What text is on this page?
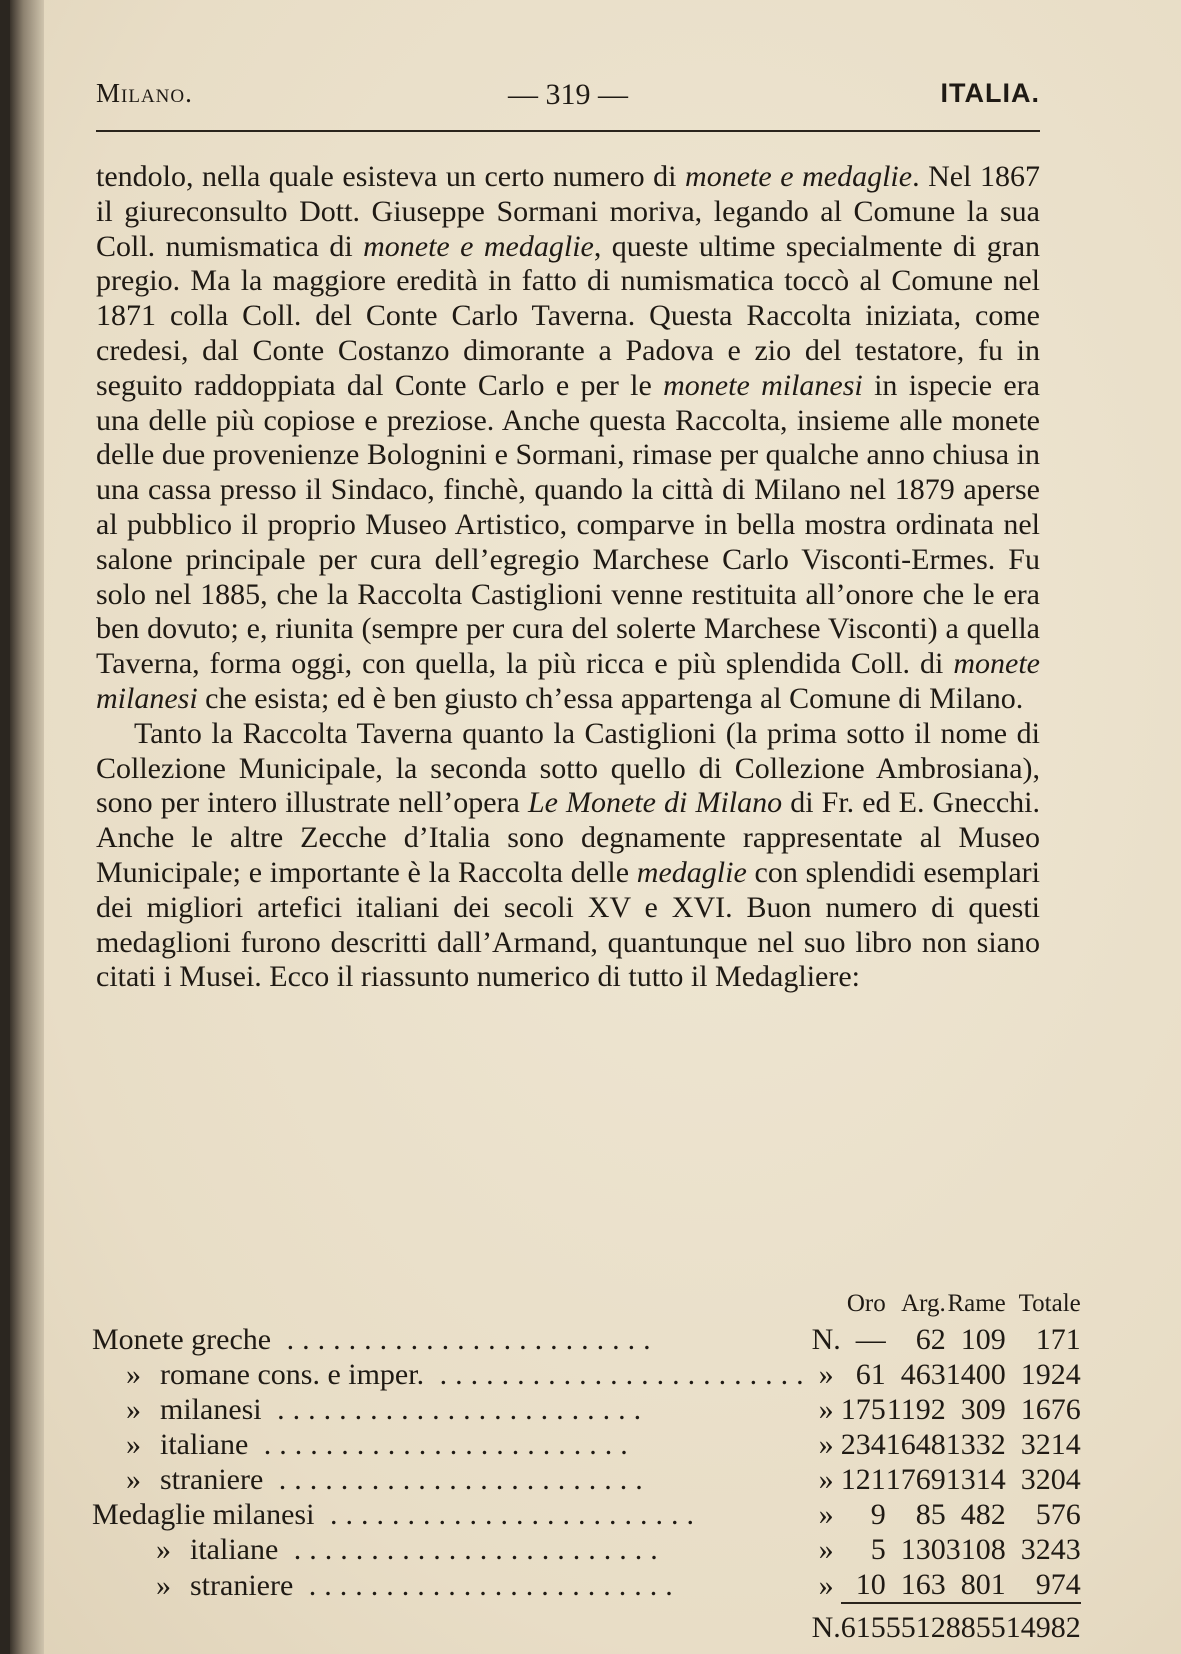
Milano.	— 319 —	ITALIA.

tendolo, nella quale esisteva un certo numero di monete e medaglie. Nel 1867 il giureconsulto Dott. Giuseppe Sormani moriva, legando al Comune la sua Coll. numismatica di monete e medaglie, queste ultime specialmente di gran pregio. Ma la maggiore eredità in fatto di numismatica toccò al Comune nel 1871 colla Coll. del Conte Carlo Taverna. Questa Raccolta iniziata, come credesi, dal Conte Costanzo dimorante a Padova e zio del testatore, fu in seguito raddoppiata dal Conte Carlo e per le monete milanesi in ispecie era una delle più copiose e preziose. Anche questa Raccolta, insieme alle monete delle due provenienze Bolognini e Sormani, rimase per qualche anno chiusa in una cassa presso il Sindaco, finchè, quando la città di Milano nel 1879 aperse al pubblico il proprio Museo Artistico, comparve in bella mostra ordinata nel salone principale per cura dell’egregio Marchese Carlo Visconti-Ermes. Fu solo nel 1885, che la Raccolta Castiglioni venne restituita all’onore che le era ben dovuto; e, riunita (sempre per cura del solerte Marchese Visconti) a quella Taverna, forma oggi, con quella, la più ricca e più splendida Coll. di monete milanesi che esista; ed è ben giusto ch’essa appartenga al Comune di Milano.

Tanto la Raccolta Taverna quanto la Castiglioni (la prima sotto il nome di Collezione Municipale, la seconda sotto quello di Collezione Ambrosiana), sono per intero illustrate nell’opera Le Monete di Milano di Fr. ed E. Gnecchi. Anche le altre Zecche d’Italia sono degnamente rappresentate al Museo Municipale; e importante è la Raccolta delle medaglie con splendidi esemplari dei migliori artefici italiani dei secoli XV e XVI. Buon numero di questi medaglioni furono descritti dall’Armand, quantunque nel suo libro non siano citati i Musei. Ecco il riassunto numerico di tutto il Medagliere:

		Oro	Arg.	Rame	Totale
Monete greche ........................	N.	—	62	109	171
» romane cons. e imper. ........................	»	61	463	1400	1924
» milanesi ........................	»	175	1192	309	1676
» italiane ........................	»	234	1648	1332	3214
» straniere ........................	»	121	1769	1314	3204
Medaglie milanesi ........................	»	9	85	482	576
» italiane ........................	»	5	130	3108	3243
» straniere ........................	»	10	163	801	974
	N.	615	5512	8855	14982
